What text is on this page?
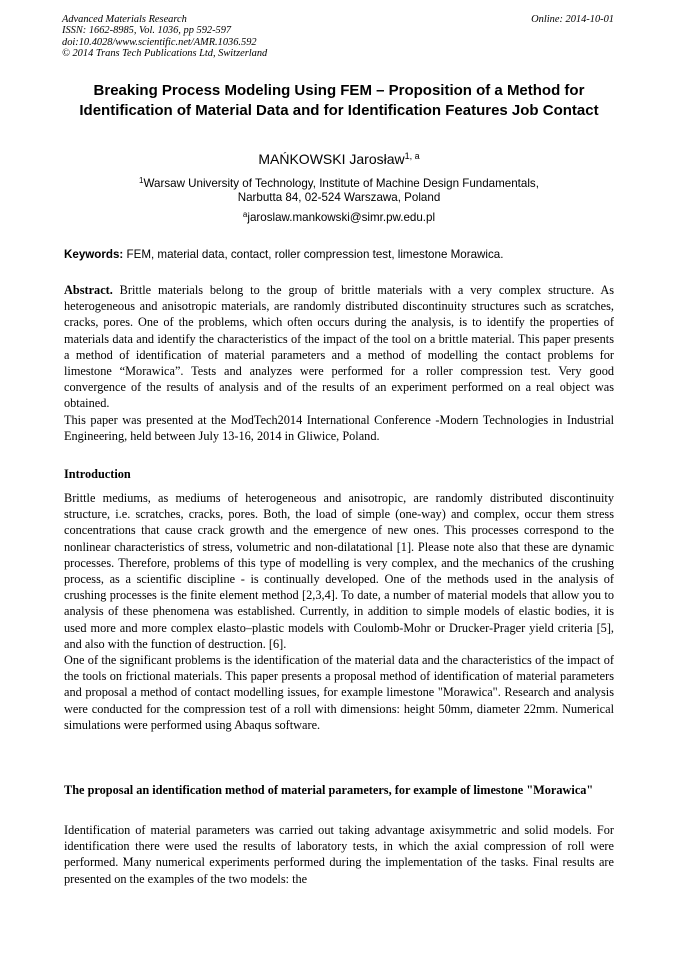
Advanced Materials Research
ISSN: 1662-8985, Vol. 1036, pp 592-597
doi:10.4028/www.scientific.net/AMR.1036.592
© 2014 Trans Tech Publications Ltd, Switzerland
Online: 2014-10-01
Breaking Process Modeling Using FEM – Proposition of a Method for Identification of Material Data and for Identification Features Job Contact
MAŃKOWSKI Jarosław$^{1, a}$
$^1$Warsaw University of Technology, Institute of Machine Design Fundamentals,
Narbutta 84, 02-524 Warszawa, Poland
$^a$jaroslaw.mankowski@simr.pw.edu.pl
Keywords: FEM, material data, contact, roller compression test, limestone Morawica.

Abstract. Brittle materials belong to the group of brittle materials with a very complex structure. As heterogeneous and anisotropic materials, are randomly distributed discontinuity structures such as scratches, cracks, pores. One of the problems, which often occurs during the analysis, is to identify the properties of materials data and identify the characteristics of the impact of the tool on a brittle material. This paper presents a method of identification of material parameters and a method of modelling the contact problems for limestone “Morawica”. Tests and analyzes were performed for a roller compression test. Very good convergence of the results of analysis and of the results of an experiment performed on a real object was obtained.

This paper was presented at the ModTech2014 International Conference -Modern Technologies in Industrial Engineering, held between July 13-16, 2014 in Gliwice, Poland.

Introduction

Brittle mediums, as mediums of heterogeneous and anisotropic, are randomly distributed discontinuity structure, i.e. scratches, cracks, pores. Both, the load of simple (one-way) and complex, occur them stress concentrations that cause crack growth and the emergence of new ones. This processes correspond to the nonlinear characteristics of stress, volumetric and non-dilatational [1]. Please note also that these are dynamic processes. Therefore, problems of this type of modelling is very complex, and the mechanics of the crushing process, as a scientific discipline - is continually developed. One of the methods used in the analysis of crushing processes is the finite element method [2,3,4]. To date, a number of material models that allow you to analysis of these phenomena was established. Currently, in addition to simple models of elastic bodies, it is used more and more complex elasto–plastic models with Coulomb-Mohr or Drucker-Prager yield criteria [5], and also with the function of destruction. [6].

One of the significant problems is the identification of the material data and the characteristics of the impact of the tools on frictional materials. This paper presents a proposal method of identification of material parameters and proposal a method of contact modelling issues, for example limestone "Morawica". Research and analysis were conducted for the compression test of a roll with dimensions: height 50mm, diameter 22mm. Numerical simulations were performed using Abaqus software.

The proposal an identification method of material parameters, for example of limestone "Morawica"

Identification of material parameters was carried out taking advantage axisymmetric and solid models. For identification there were used the results of laboratory tests, in which the axial compression of roll were performed. Many numerical experiments performed during the implementation of the tasks. Final results are presented on the examples of the two models: the
